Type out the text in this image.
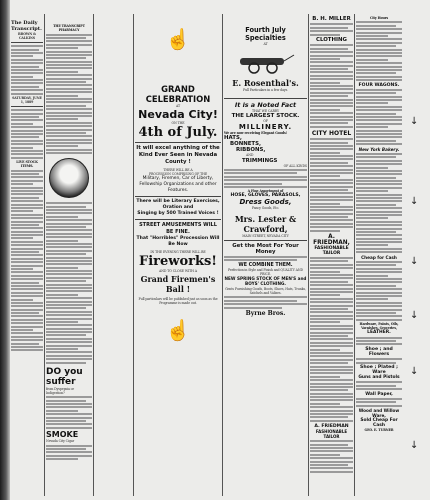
The Daily Transcript.
BROWN & CALKINS
SATURDAY, JUNE 1, 1889
LIVE STOCK ITEMS.
THE TRANSCRIPT PHARMACY
DO you suffer
from Dyspepsia or Indigestion?
SMOKE
Nevada City Cigar
☝
GRAND CELEBRATION
AT
Nevada City!
ON THE
4th of July.
It will excel anything of the Kind Ever Seen in Nevada County !
THERE WILL BE A
PROCESSION COMPRISING OF THE
Military, Firemen, Car of Liberty, Fellowship Organizations and other Features.
There will be Literary Exercises, Oration and
Singing by 500 Trained Voices !
STREET AMUSEMENTS WILL BE FINE.
That "Horribles" Procession Will Be Now
IN THE EVENING THERE WILL BE
Fireworks!
AND TO CLOSE WITH A
Grand Firemen's Ball !
Full particulars will be published just as soon as the Programme is made out.
☝
Fourth July Specialties
AT
E. Rosenthal's.
Full Particulars in a few days.
It is a Noted Fact
THAT WE CARRY
THE LARGEST STOCK.
OF
MILLINERY.
We are now receiving Elegant Goods!
HATS,
BONNETS,
RIBBONS,
AND
TRIMMINGS
OF ALL KINDS
A Fine Assortment of
HOSE, GLOVES, PARASOLS,
Dress Goods,
Fancy Goods, Etc.
Mrs. Lester & Crawford,
MAIN STREET, NEVADA CITY
Get the Most For Your Money
WE COMBINE THEM.
Perfection in Style and Finish and QUALITY AND PRICE.
NEW SPRING STOCK OF MEN'S and BOYS' CLOTHING.
Gents Furnishing Goods, Boots, Shoes, Hats, Trunks, Satchels and Valises.
Byrne Bros.
B. H. MILLER
CLOTHING
CITY HOTEL
A. FRIEDMAN,
FASHIONABLE TAILOR
A. FRIEDMAN
FASHIONABLE TAILOR
City Hours
FOUR WAGONS.
New York Bakery.
Cheap for Cash
Hardware, Paints, Oils, Varnishes, Groceries,
LEATHER.
Shoe ; and Flowers
Shoe ; Plated ; Ware
Guns and Pistols
Wall Paper,
Wood and Willow Ware,
Sold Cheap For Cash
GEO. E. TURNER
↓
↓
↓
↓
↓
↓
